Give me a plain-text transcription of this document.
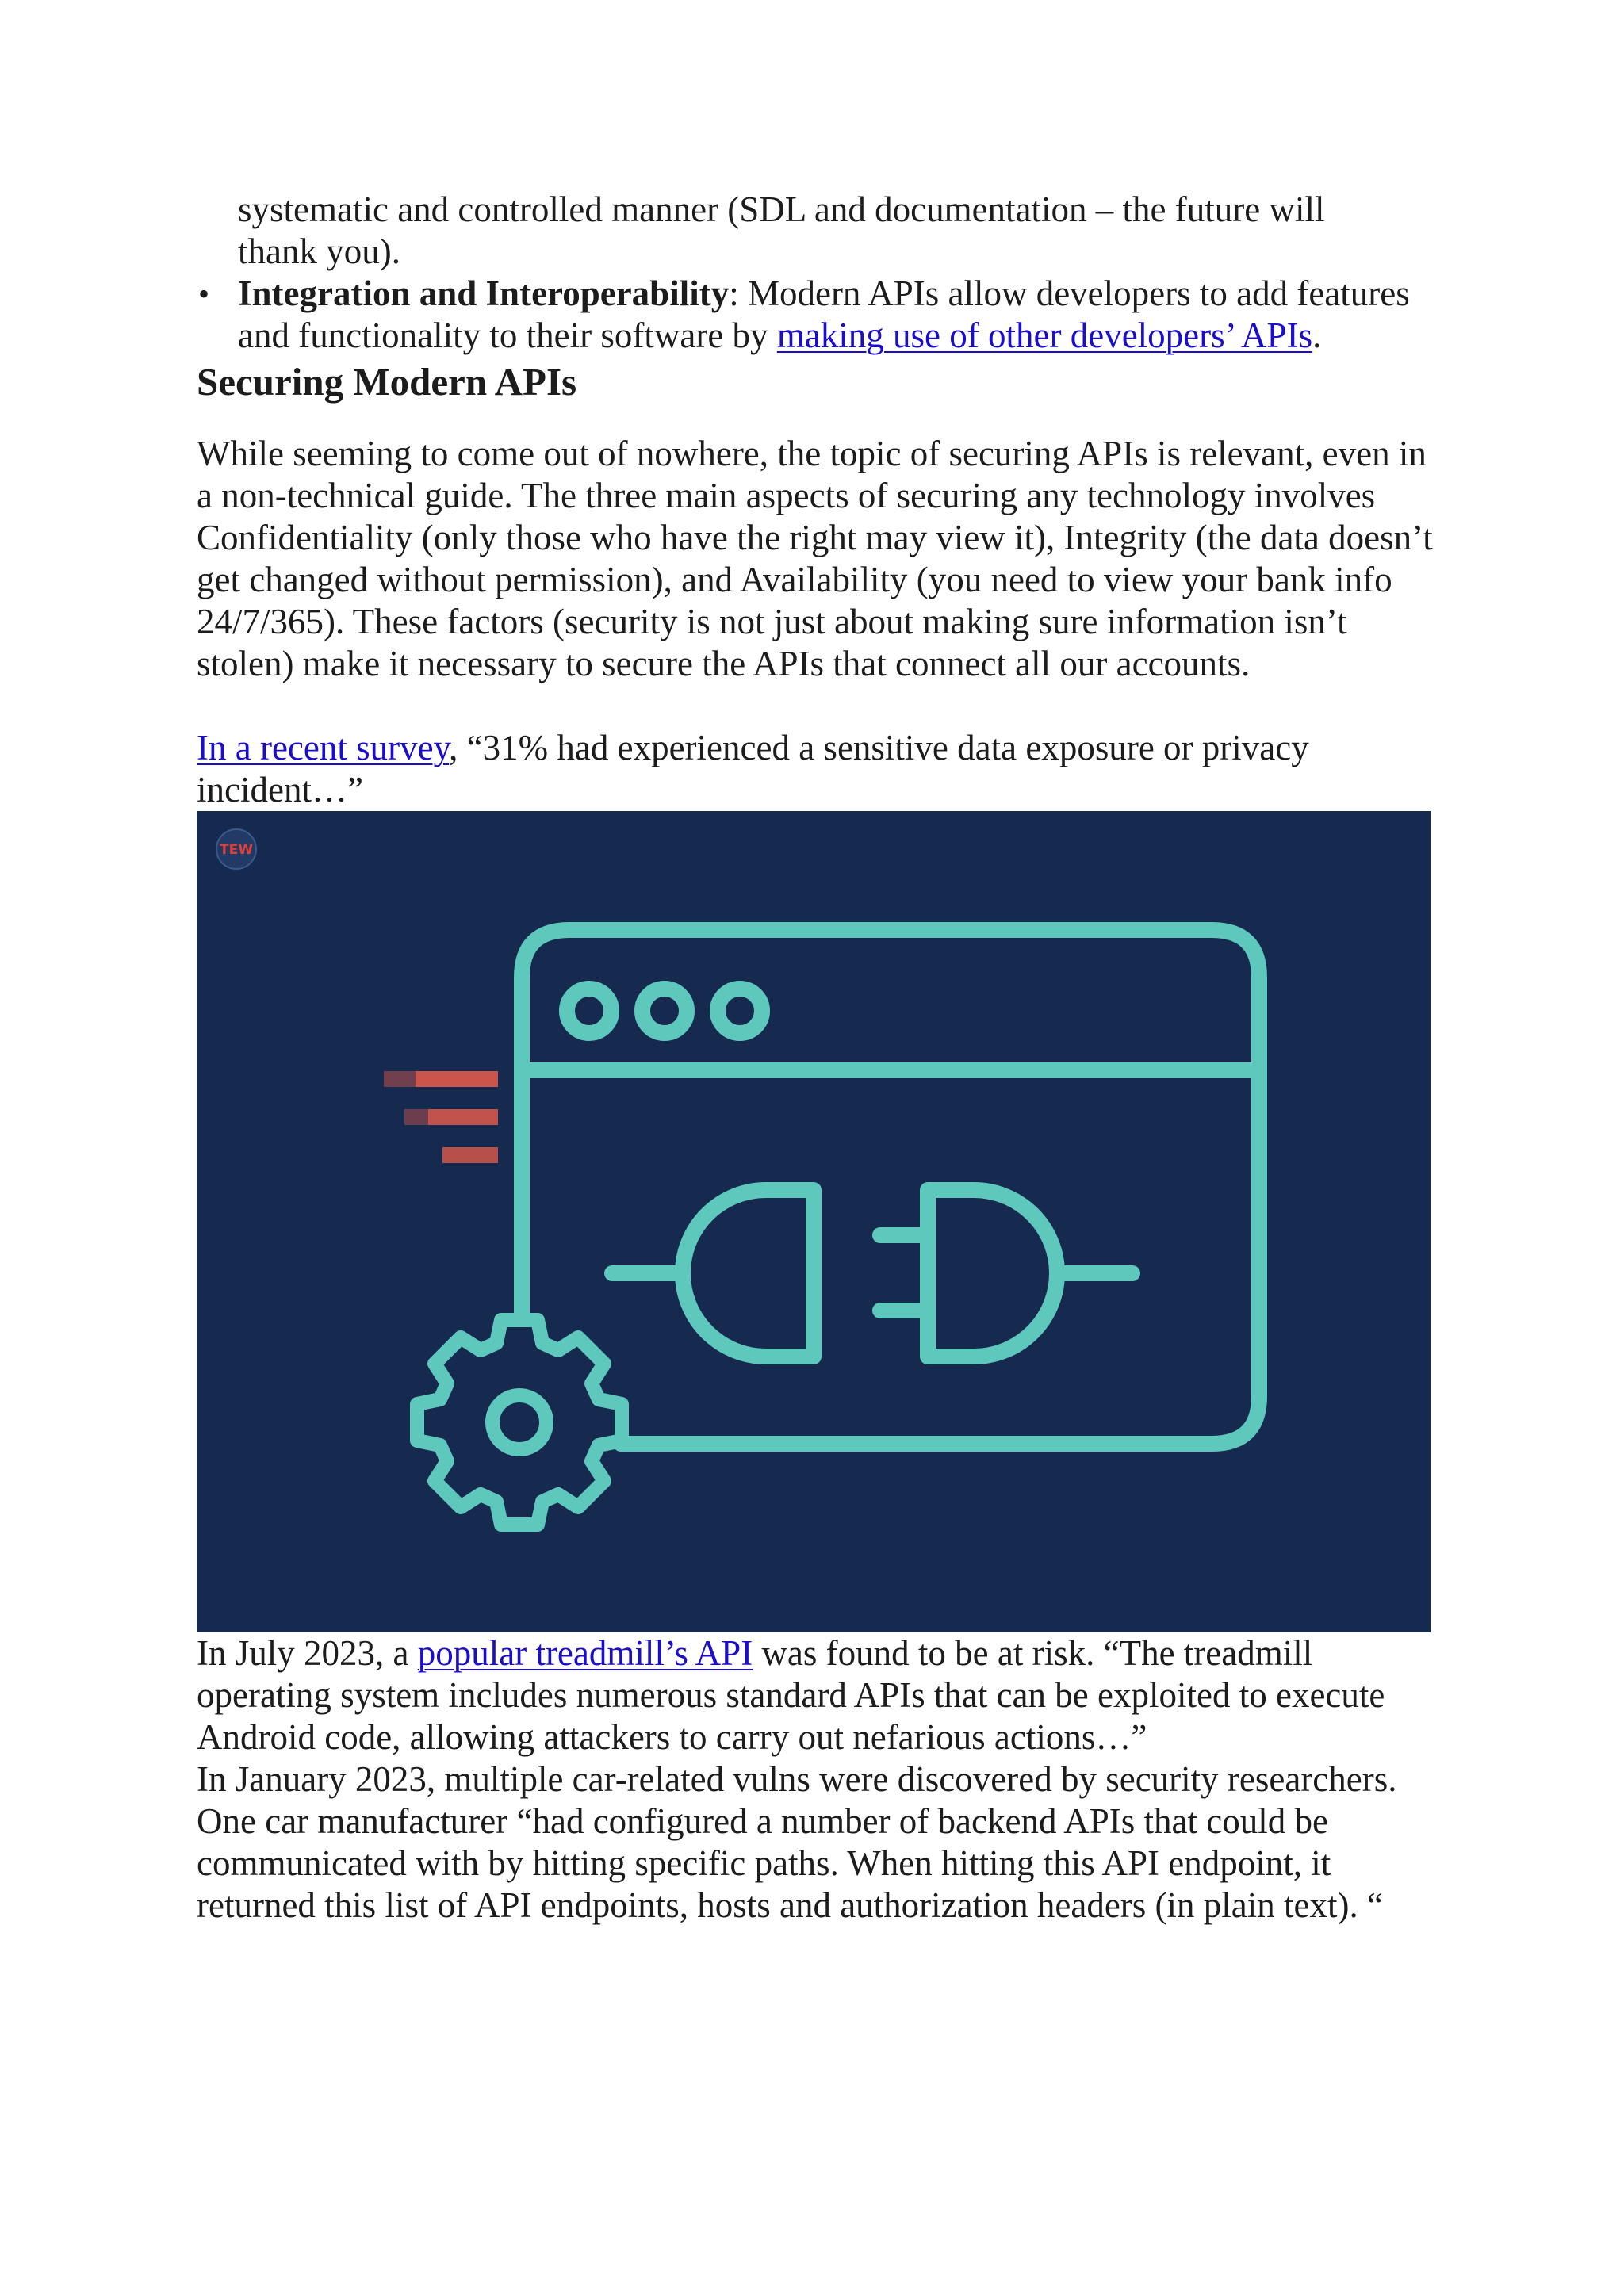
systematic and controlled manner (SDL and documentation – the future will

thank you).

• Integration and Interoperability: Modern APIs allow developers to add features and functionality to their software by making use of other developers’ APIs.
Securing Modern APIs

While seeming to come out of nowhere, the topic of securing APIs is relevant, even in a non-technical guide. The three main aspects of securing any technology involves Confidentiality (only those who have the right may view it), Integrity (the data doesn’t get changed without permission), and Availability (you need to view your bank info 24/7/365). These factors (security is not just about making sure information isn’t stolen) make it necessary to secure the APIs that connect all our accounts.

In a recent survey, “31% had experienced a sensitive data exposure or privacy incident…”

TEW

In July 2023, a popular treadmill’s API was found to be at risk. “The treadmill operating system includes numerous standard APIs that can be exploited to execute Android code, allowing attackers to carry out nefarious actions…”

In January 2023, multiple car-related vulns were discovered by security researchers. One car manufacturer “had configured a number of backend APIs that could be communicated with by hitting specific paths. When hitting this API endpoint, it returned this list of API endpoints, hosts and authorization headers (in plain text). “
